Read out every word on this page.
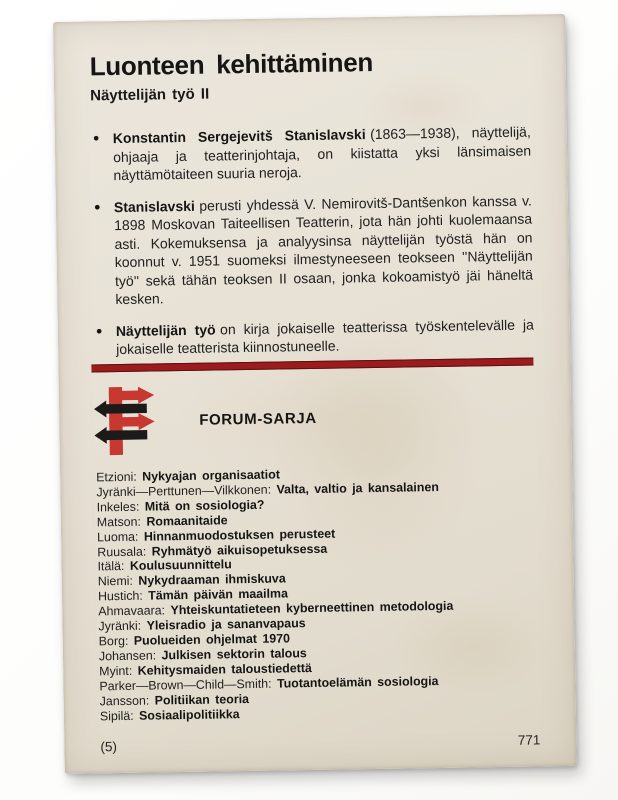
Luonteen kehittäminen
Näyttelijän työ II
● Konstantin Sergejevitš Stanislavski (1863—1938), näyttelijä, ohjaaja ja teatterinjohtaja, on kiistatta yksi länsimaisen näyttämötaiteen suuria neroja.

● Stanislavski perusti yhdessä V. Nemirovitš-Dantšenkon kanssa v. 1898 Moskovan Taiteellisen Teatterin, jota hän johti kuolemaansa asti. Kokemuksensa ja analyysinsa näyttelijän työstä hän on koonnut v. 1951 suomeksi ilmestyneeseen teokseen ''Näyttelijän työ'' sekä tähän teoksen II osaan, jonka kokoamistyö jäi häneltä kesken.

● Näyttelijän työ on kirja jokaiselle teatterissa työskentelevälle ja jokaiselle teatterista kiinnostuneelle.

FORUM-SARJA
Etzioni: Nykyajan organisaatiot
Jyränki—Perttunen—Vilkkonen: Valta, valtio ja kansalainen
Inkeles: Mitä on sosiologia?
Matson: Romaanitaide
Luoma: Hinnanmuodostuksen perusteet
Ruusala: Ryhmätyö aikuisopetuksessa
Itälä: Koulusuunnittelu
Niemi: Nykydraaman ihmiskuva
Hustich: Tämän päivän maailma
Ahmavaara: Yhteiskuntatieteen kyberneettinen metodologia
Jyränki: Yleisradio ja sananvapaus
Borg: Puolueiden ohjelmat 1970
Johansen: Julkisen sektorin talous
Myint: Kehitysmaiden taloustiedettä
Parker—Brown—Child—Smith: Tuotantoelämän sosiologia
Jansson: Politiikan teoria
Sipilä: Sosiaalipolitiikka
(5)	771
